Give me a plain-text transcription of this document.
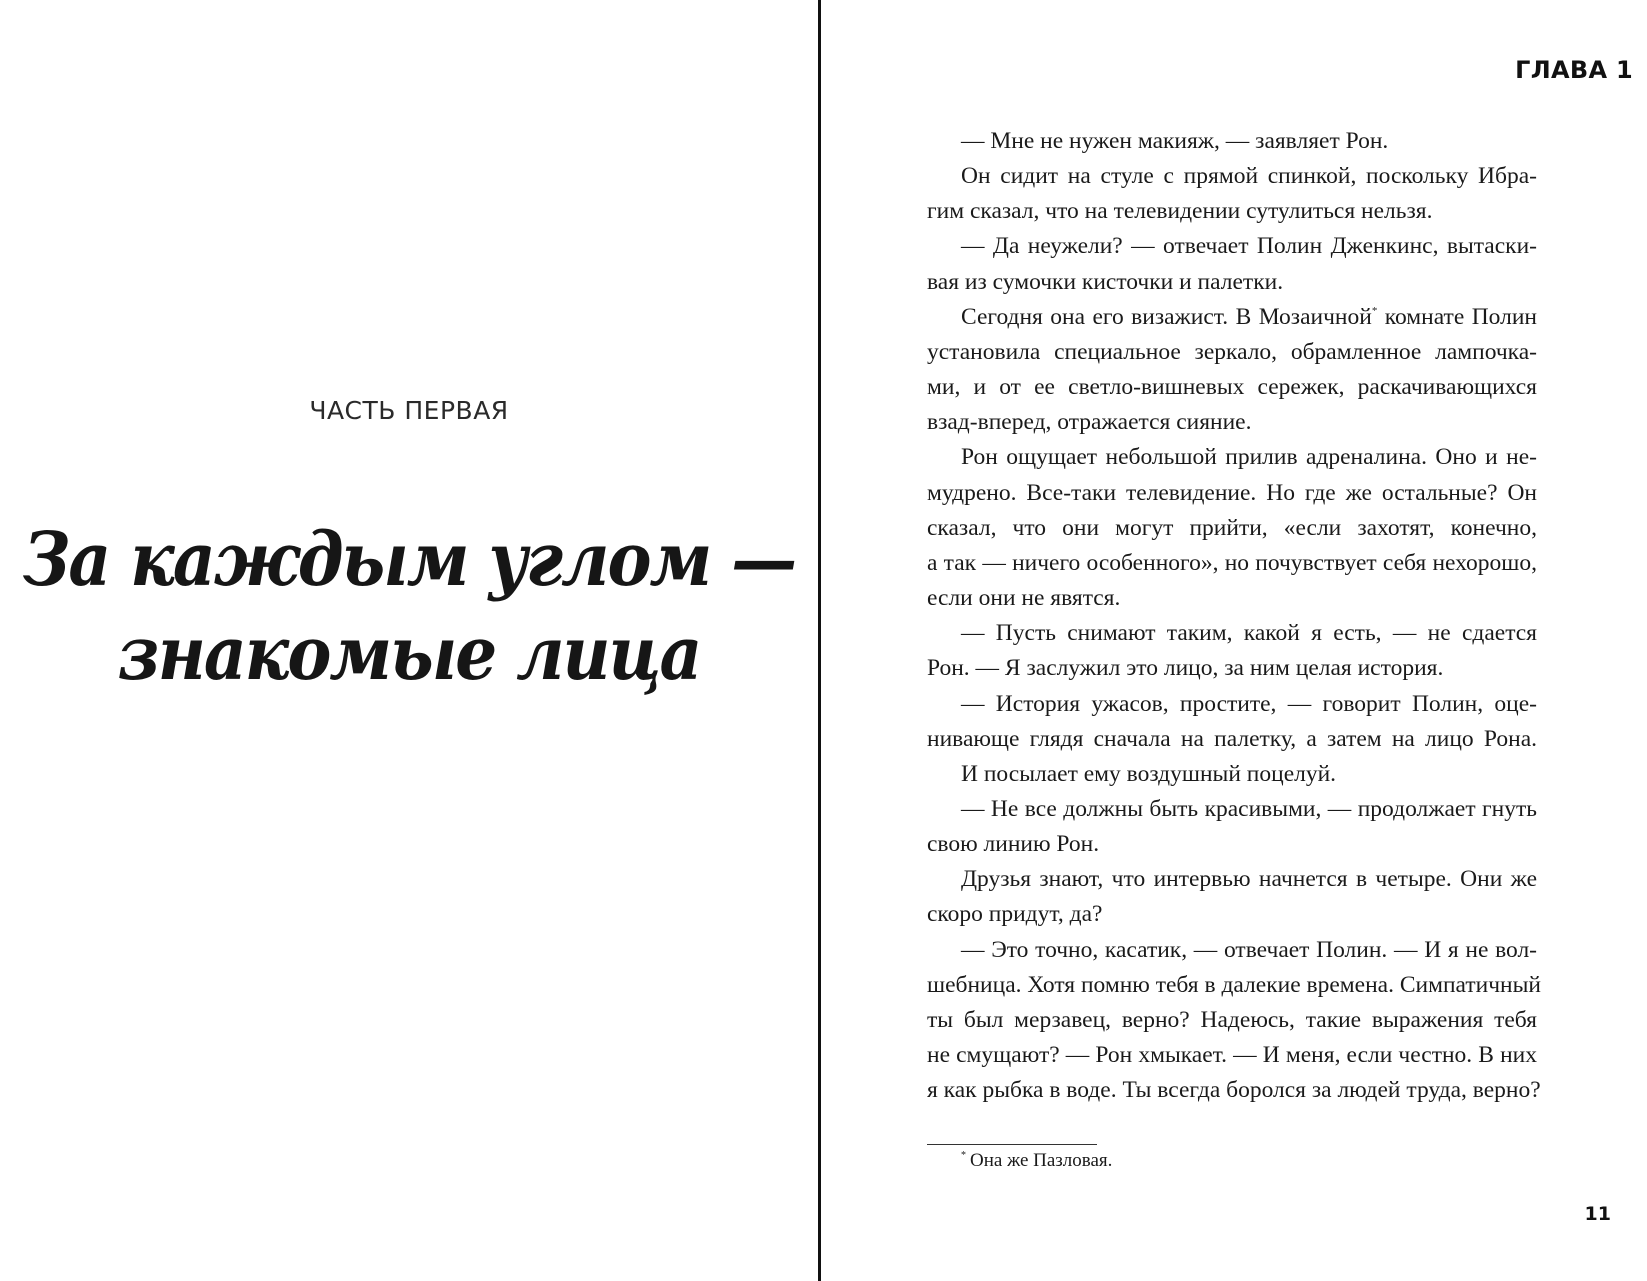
ЧАСТЬ ПЕРВАЯ
За каждым углом —
знакомые лица
ГЛАВА 1
— Мне не нужен макияж, — заявляет Рон.
Он сидит на стуле с прямой спинкой, поскольку Ибра-
гим сказал, что на телевидении сутулиться нельзя.
— Да неужели? — отвечает Полин Дженкинс, вытаски-
вая из сумочки кисточки и палетки.
Сегодня она его визажист. В Мозаичной* комнате Полин
установила специальное зеркало, обрамленное лампочка-
ми, и от ее светло-вишневых сережек, раскачивающихся
взад-вперед, отражается сияние.
Рон ощущает небольшой прилив адреналина. Оно и не-
мудрено. Все-таки телевидение. Но где же остальные? Он
сказал, что они могут прийти, «если захотят, конечно,
а так — ничего особенного», но почувствует себя нехорошо,
если они не явятся.
— Пусть снимают таким, какой я есть, — не сдается
Рон. — Я заслужил это лицо, за ним целая история.
— История ужасов, простите, — говорит Полин, оце-
нивающе глядя сначала на палетку, а затем на лицо Рона.
И посылает ему воздушный поцелуй.
— Не все должны быть красивыми, — продолжает гнуть
свою линию Рон.
Друзья знают, что интервью начнется в четыре. Они же
скоро придут, да?
— Это точно, касатик, — отвечает Полин. — И я не вол-
шебница. Хотя помню тебя в далекие времена. Симпатичный
ты был мерзавец, верно? Надеюсь, такие выражения тебя
не смущают? — Рон хмыкает. — И меня, если честно. В них
я как рыбка в воде. Ты всегда боролся за людей труда, верно?
* Она же Пазловая.
11
